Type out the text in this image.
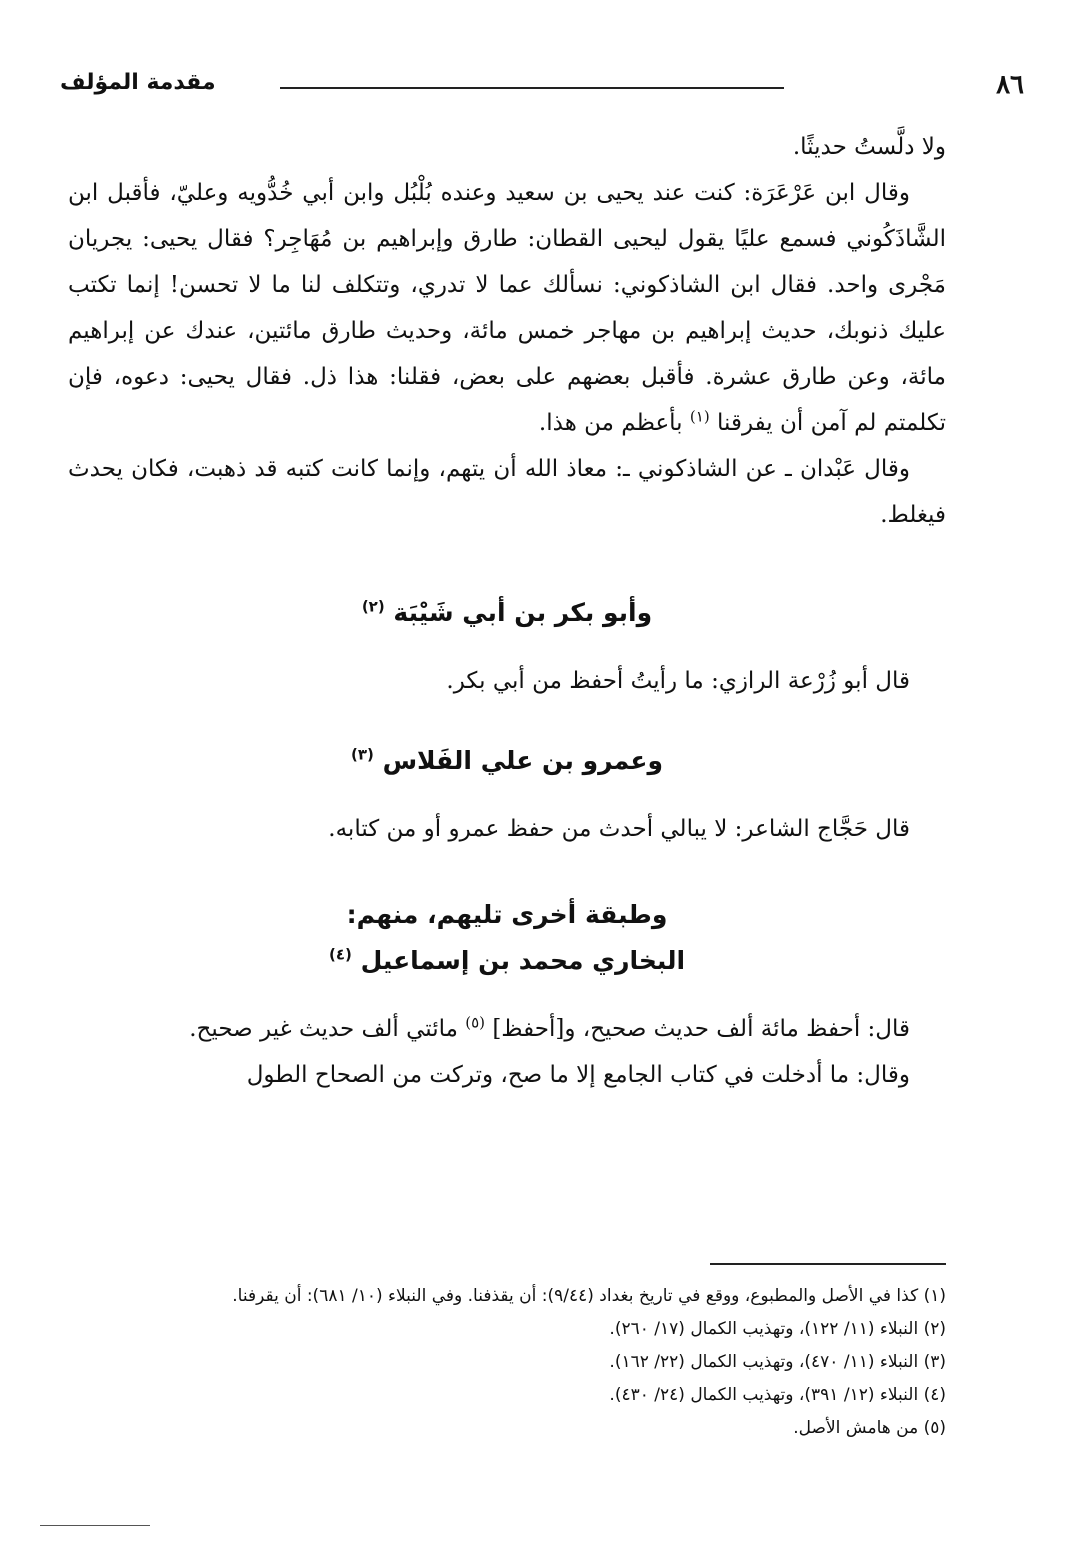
٨٦
مقدمة المؤلف

ولا دلَّستُ حديثًا.

وقال ابن عَرْعَرَة: كنت عند يحيى بن سعيد وعنده بُلْبُل وابن أبي خُدُّويه وعليّ، فأقبل ابن الشَّاذَكُوني فسمع عليًا يقول ليحيى القطان: طارق وإبراهيم بن مُهَاجِر؟ فقال يحيى: يجريان مَجْرى واحد. فقال ابن الشاذكوني: نسألك عما لا تدري، وتتكلف لنا ما لا تحسن! إنما تكتب عليك ذنوبك، حديث إبراهيم بن مهاجر خمس مائة، وحديث طارق مائتين، عندك عن إبراهيم مائة، وعن طارق عشرة. فأقبل بعضهم على بعض، فقلنا: هذا ذل. فقال يحيى: دعوه، فإن تكلمتم لم آمن أن يفرقنا $^{(١)}$ بأعظم من هذا.

وقال عَبْدان ـ عن الشاذكوني ـ: معاذ الله أن يتهم، وإنما كانت كتبه قد ذهبت، فكان يحدث فيغلط.

وأبو بكر بن أبي شَيْبَة $^{(٢)}$

قال أبو زُرْعة الرازي: ما رأيتُ أحفظ من أبي بكر.

وعمرو بن علي الفَلاس $^{(٣)}$

قال حَجَّاج الشاعر: لا يبالي أحدث من حفظ عمرو أو من كتابه.

وطبقة أخرى تليهم، منهم:

البخاري محمد بن إسماعيل $^{(٤)}$

قال: أحفظ مائة ألف حديث صحيح، و[أحفظ] $^{(٥)}$ مائتي ألف حديث غير صحيح.

وقال: ما أدخلت في كتاب الجامع إلا ما صح، وتركت من الصحاح الطول

(١) كذا في الأصل والمطبوع، ووقع في تاريخ بغداد (٩/٤٤): أن يقذفنا. وفي النبلاء (١٠/ ٦٨١): أن يقرفنا.

(٢) النبلاء (١١/ ١٢٢)، وتهذيب الكمال (١٧/ ٢٦٠).

(٣) النبلاء (١١/ ٤٧٠)، وتهذيب الكمال (٢٢/ ١٦٢).

(٤) النبلاء (١٢/ ٣٩١)، وتهذيب الكمال (٢٤/ ٤٣٠).

(٥) من هامش الأصل.
